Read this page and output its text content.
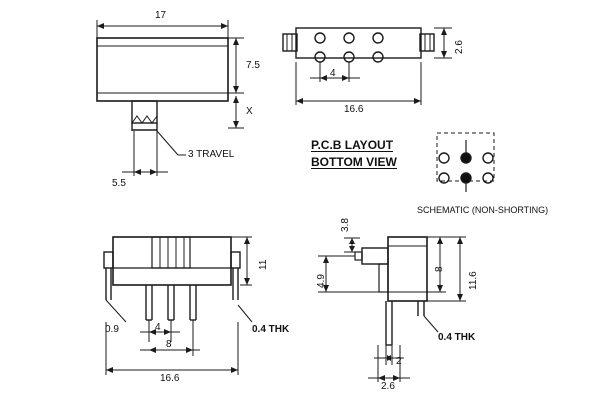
17
7.5
X
3 TRAVEL
5.5
4
16.6
2.6
P.C.B LAYOUT
BOTTOM VIEW
SCHEMATIC (NON-SHORTING)
0.9	4
8
16.6
0.4 THK
11
3.8
4.9
8
11.6
0.4 THK
2
2.6
